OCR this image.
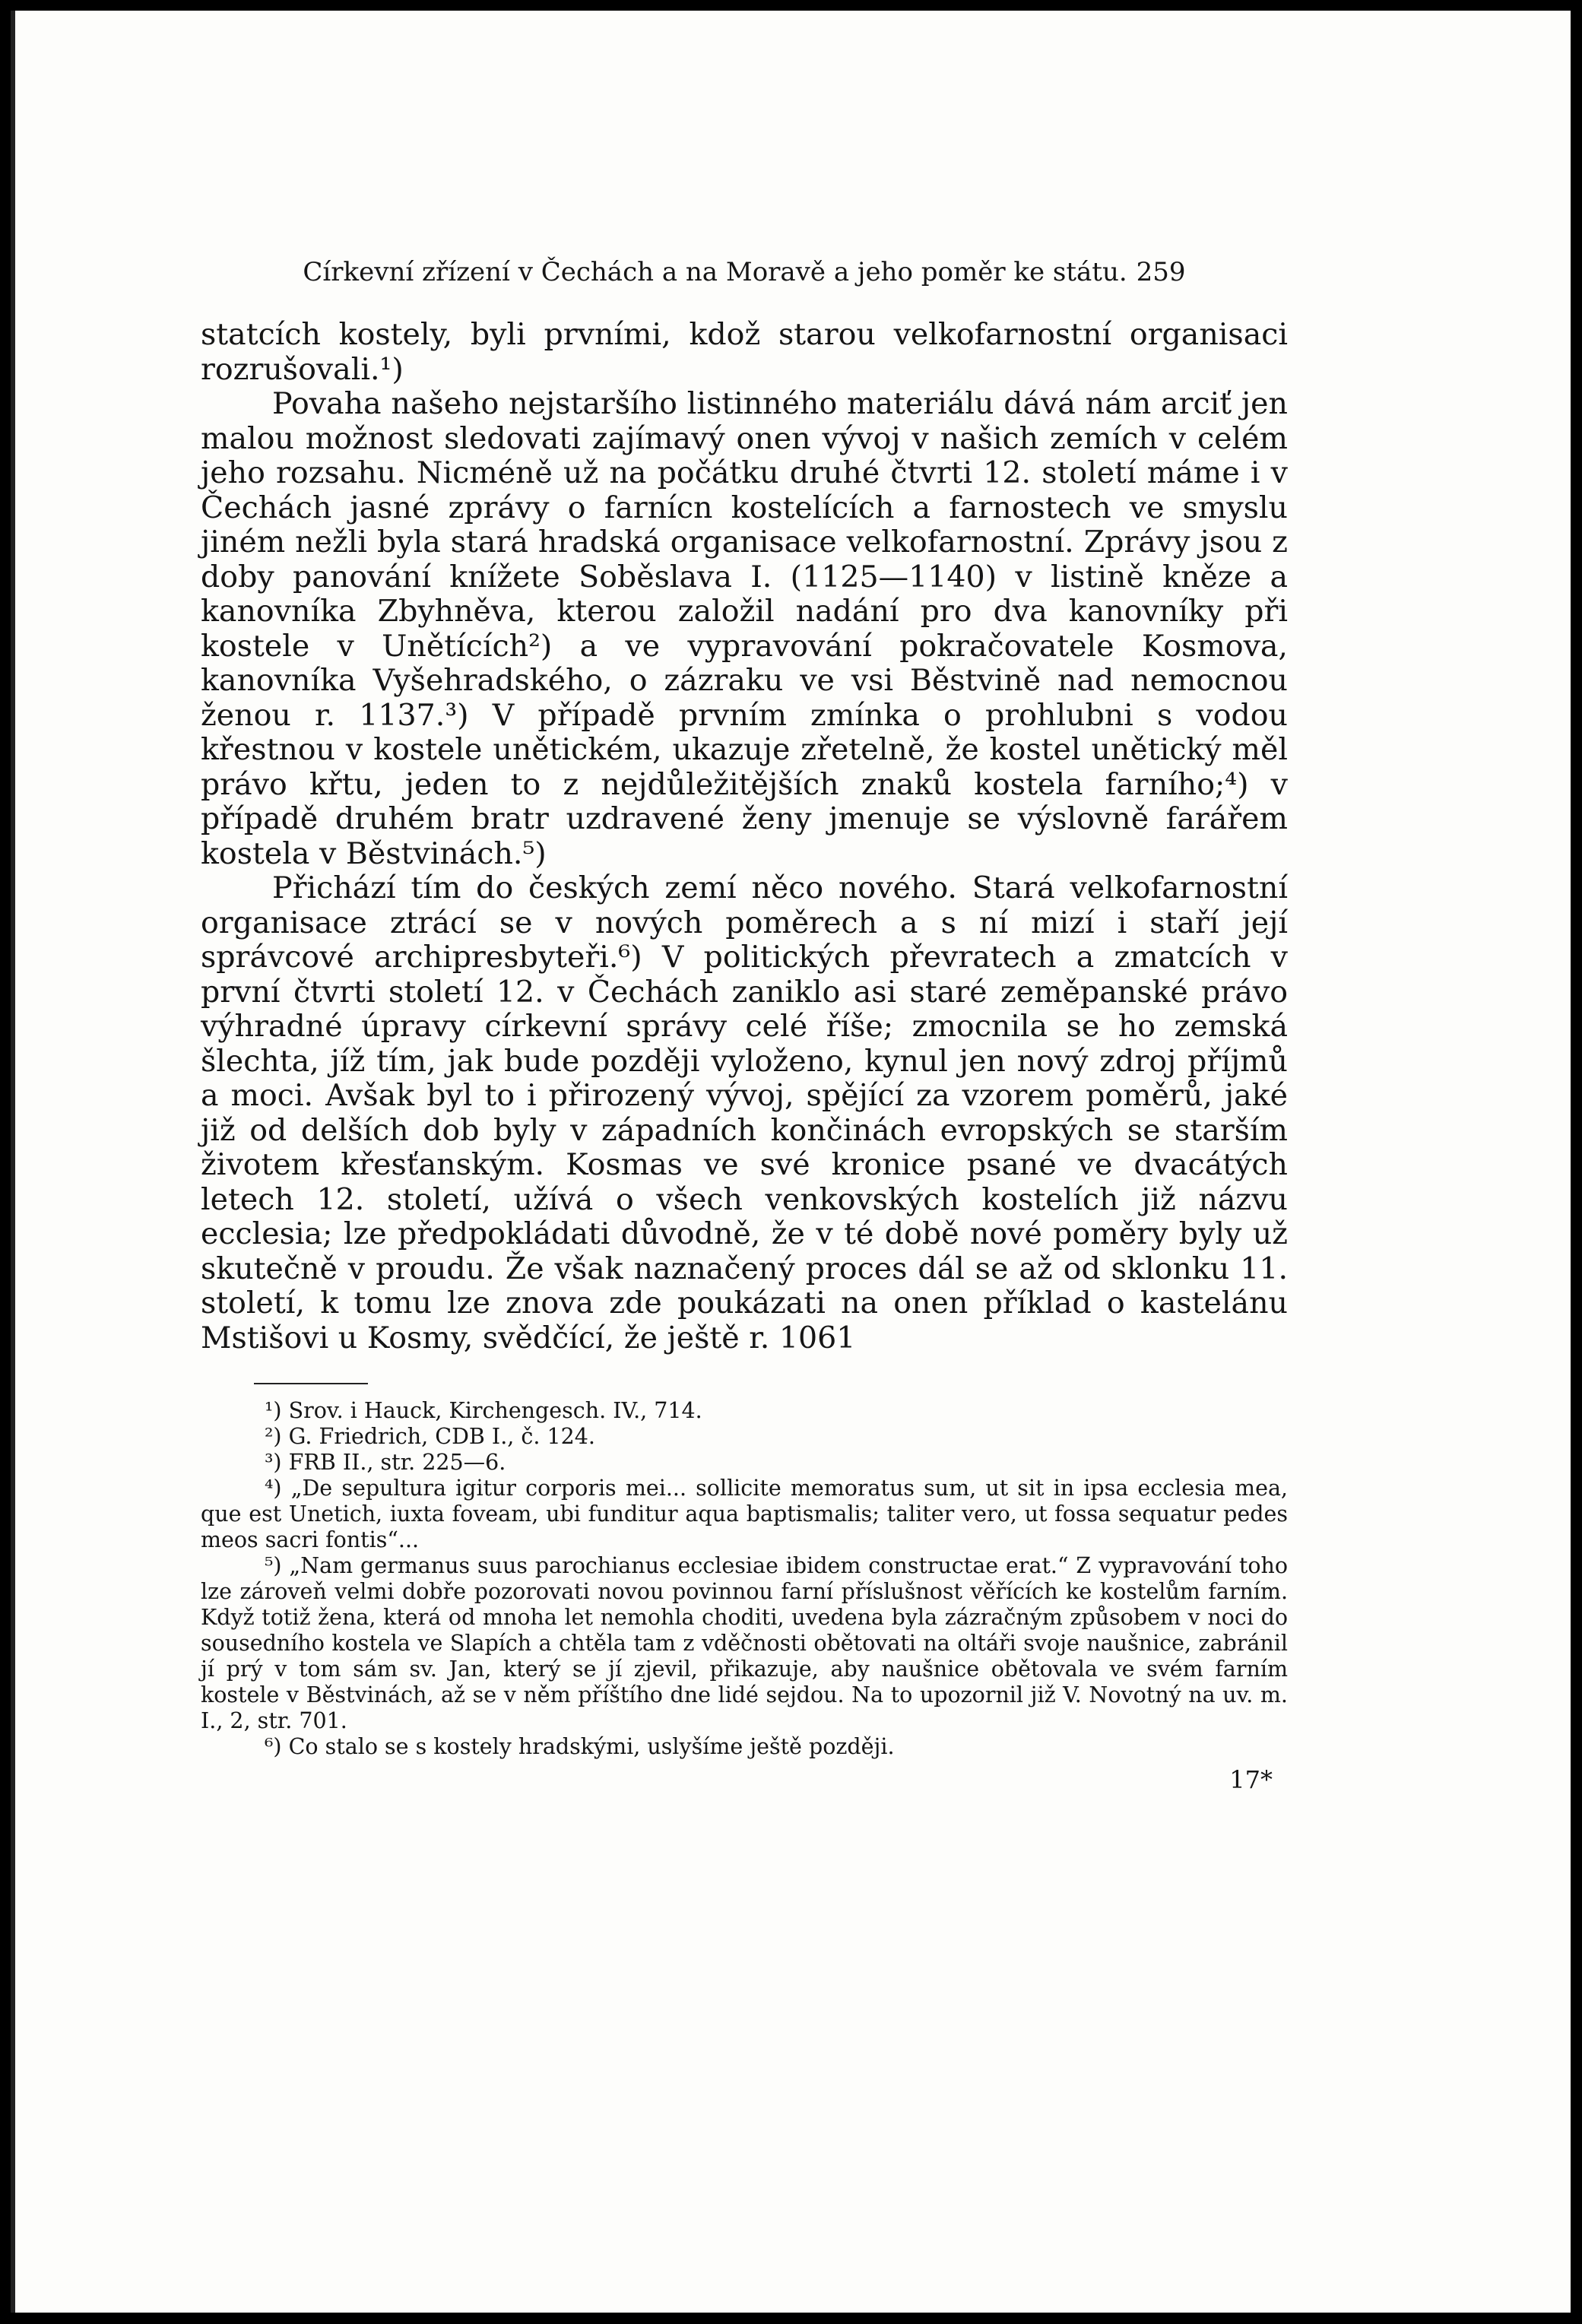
Církevní zřízení v Čechách a na Moravě a jeho poměr ke státu. 259

statcích kostely, byli prvními, kdož starou velkofarnostní organisaci rozrušovali.¹)

Povaha našeho nejstaršího listinného materiálu dává nám arciť jen malou možnost sledovati zajímavý onen vývoj v našich zemích v celém jeho rozsahu. Nicméně už na počátku druhé čtvrti 12. století máme i v Čechách jasné zprávy o farnícn kostelících a farnostech ve smyslu jiném nežli byla stará hradská organisace velkofarnostní. Zprávy jsou z doby panování knížete Soběslava I. (1125—1140) v listině kněze a kanovníka Zbyhněva, kterou založil nadání pro dva kanovníky při kostele v Unětících²) a ve vypravování pokračovatele Kosmova, kanovníka Vyšehradského, o zázraku ve vsi Běstvině nad nemocnou ženou r. 1137.³) V případě prvním zmínka o prohlubni s vodou křestnou v kostele unětickém, ukazuje zřetelně, že kostel unětický měl právo křtu, jeden to z nejdůležitějších znaků kostela farního;⁴) v případě druhém bratr uzdravené ženy jmenuje se výslovně farářem kostela v Běstvinách.⁵)

Přichází tím do českých zemí něco nového. Stará velkofarnostní organisace ztrácí se v nových poměrech a s ní mizí i staří její správcové archipresbyteři.⁶) V politických převratech a zmatcích v první čtvrti století 12. v Čechách zaniklo asi staré zeměpanské právo výhradné úpravy církevní správy celé říše; zmocnila se ho zemská šlechta, jíž tím, jak bude později vyloženo, kynul jen nový zdroj příjmů a moci. Avšak byl to i přirozený vývoj, spějící za vzorem poměrů, jaké již od delších dob byly v západních končinách evropských se starším životem křesťanským. Kosmas ve své kronice psané ve dvacátých letech 12. století, užívá o všech venkovských kostelích již názvu ecclesia; lze předpokládati důvodně, že v té době nové poměry byly už skutečně v proudu. Že však naznačený proces dál se až od sklonku 11. století, k tomu lze znova zde poukázati na onen příklad o kastelánu Mstišovi u Kosmy, svědčící, že ještě r. 1061

¹) Srov. i Hauck, Kirchengesch. IV., 714.

²) G. Friedrich, CDB I., č. 124.

³) FRB II., str. 225—6.

⁴) „De sepultura igitur corporis mei... sollicite memoratus sum, ut sit in ipsa ecclesia mea, que est Unetich, iuxta foveam, ubi funditur aqua baptismalis; taliter vero, ut fossa sequatur pedes meos sacri fontis“...

⁵) „Nam germanus suus parochianus ecclesiae ibidem constructae erat.“ Z vypravování toho lze zároveň velmi dobře pozorovati novou povinnou farní příslušnost věřících ke kostelům farním. Když totiž žena, která od mnoha let nemohla choditi, uvedena byla zázračným způsobem v noci do sousedního kostela ve Slapích a chtěla tam z vděčnosti obětovati na oltáři svoje naušnice, zabránil jí prý v tom sám sv. Jan, který se jí zjevil, přikazuje, aby naušnice obětovala ve svém farním kostele v Běstvinách, až se v něm příštího dne lidé sejdou. Na to upozornil již V. Novotný na uv. m. I., 2, str. 701.

⁶) Co stalo se s kostely hradskými, uslyšíme ještě později.

17*
